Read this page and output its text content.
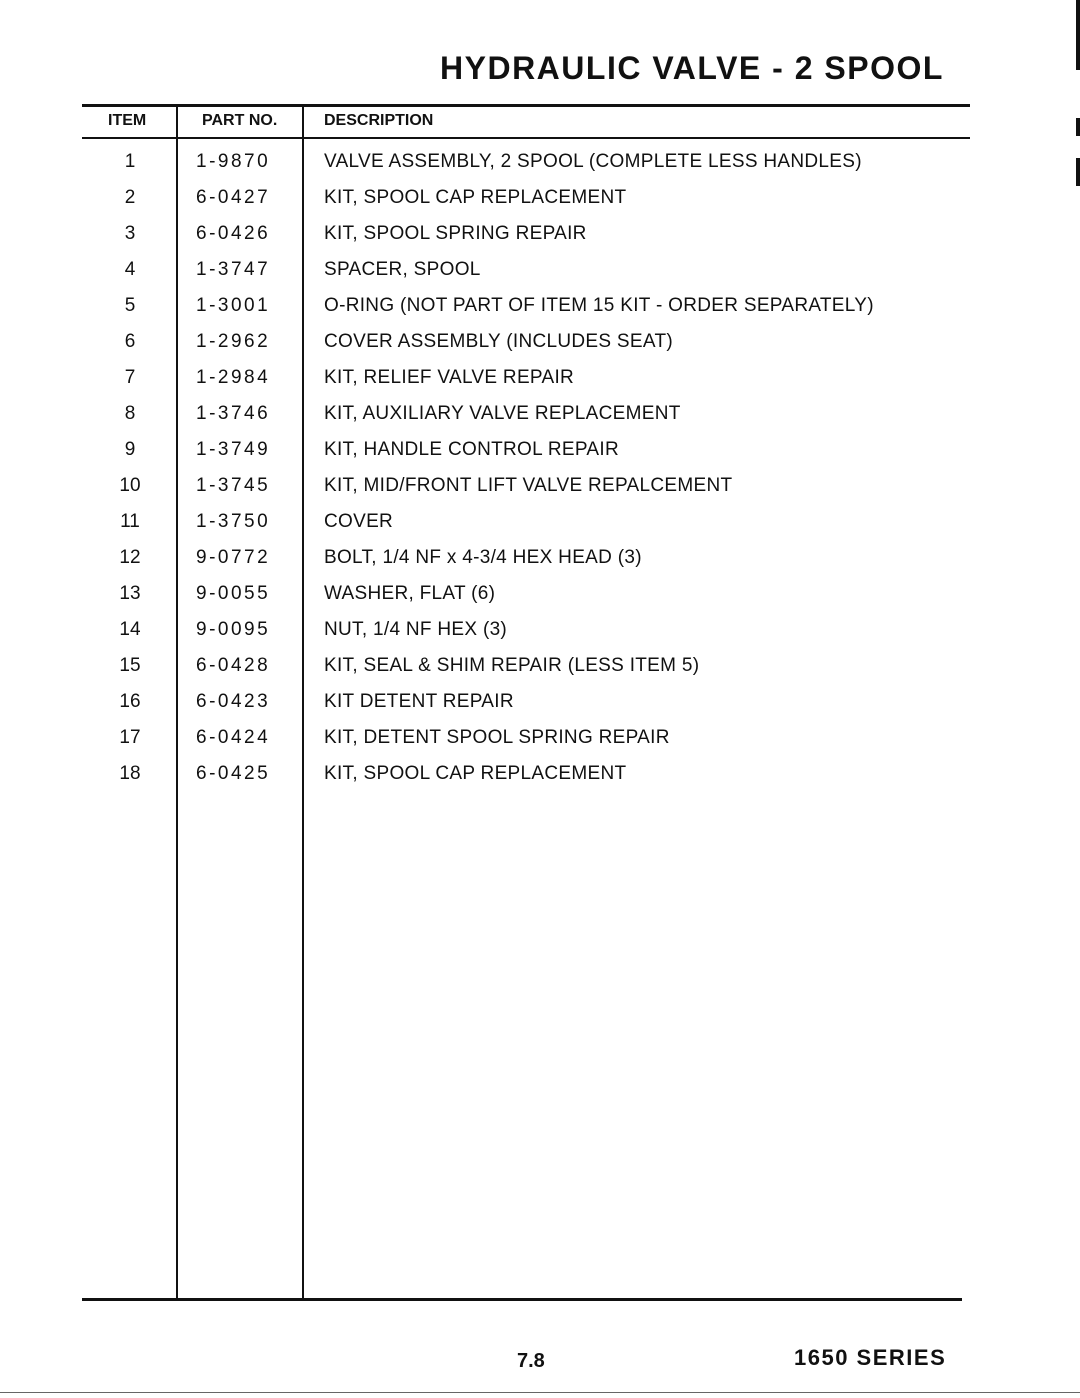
HYDRAULIC VALVE - 2 SPOOL
ITEM	PART NO.	DESCRIPTION
1	1-9870	VALVE ASSEMBLY, 2 SPOOL (COMPLETE LESS HANDLES)
2	6-0427	KIT, SPOOL CAP REPLACEMENT
3	6-0426	KIT, SPOOL SPRING REPAIR
4	1-3747	SPACER, SPOOL
5	1-3001	O-RING (NOT PART OF ITEM 15 KIT - ORDER SEPARATELY)
6	1-2962	COVER ASSEMBLY (INCLUDES SEAT)
7	1-2984	KIT, RELIEF VALVE REPAIR
8	1-3746	KIT, AUXILIARY VALVE REPLACEMENT
9	1-3749	KIT, HANDLE CONTROL REPAIR
10	1-3745	KIT, MID/FRONT LIFT VALVE REPALCEMENT
11	1-3750	COVER
12	9-0772	BOLT, 1/4 NF x 4-3/4 HEX HEAD (3)
13	9-0055	WASHER, FLAT (6)
14	9-0095	NUT, 1/4 NF HEX (3)
15	6-0428	KIT, SEAL & SHIM REPAIR (LESS ITEM 5)
16	6-0423	KIT DETENT REPAIR
17	6-0424	KIT, DETENT SPOOL SPRING REPAIR
18	6-0425	KIT, SPOOL CAP REPLACEMENT
7.8	1650 SERIES
